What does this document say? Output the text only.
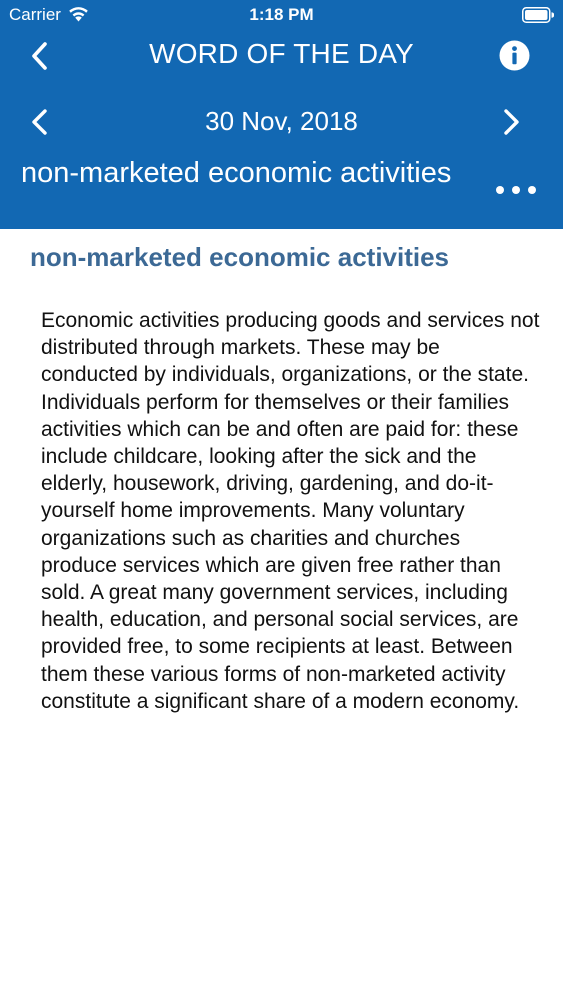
Carrier	1:18 PM
WORD OF THE DAY
30 Nov, 2018
non-marketed economic activities
non-marketed economic activities

Economic activities producing goods and services not distributed through markets. These may be conducted by individuals, organizations, or the state. Individuals perform for themselves or their families activities which can be and often are paid for: these include childcare, looking after the sick and the elderly, housework, driving, gardening, and do-it-yourself home improvements. Many voluntary organizations such as charities and churches produce services which are given free rather than sold. A great many government services, including health, education, and personal social services, are provided free, to some recipients at least. Between them these various forms of non-marketed activity constitute a significant share of a modern economy.
